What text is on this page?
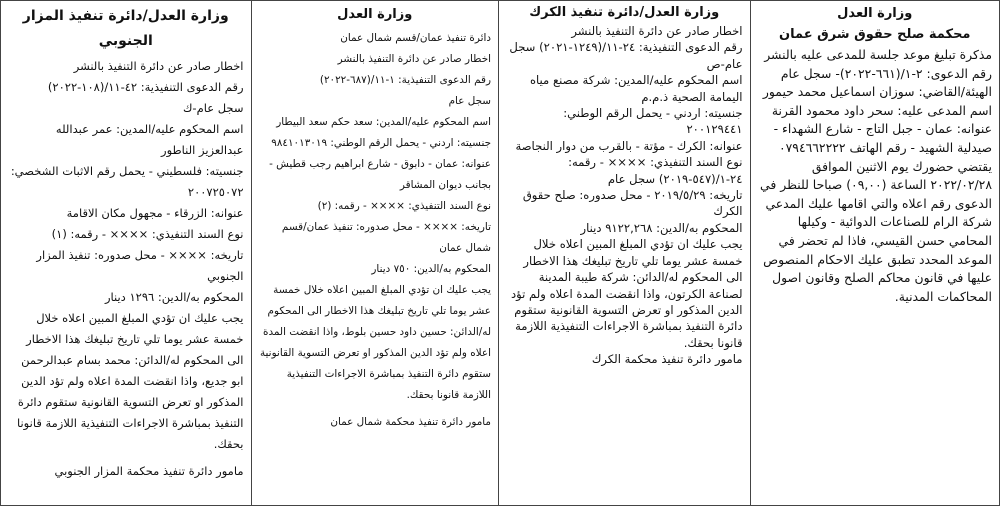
وزارة العدل/دائرة تنفيذ المزار الجنوبي

اخطار صادر عن دائرة التنفيذ بالنشر

رقم الدعوى التنفيذية: ٤٢-١١/(١٠٨-٢٠٢٢)

سجل عام-ك

اسم المحكوم عليه/المدين: عمر عبدالله عبدالعزيز الناطور

جنسيته: فلسطيني - يحمل رقم الاثبات الشخصي: ٢٠٠٧٢٥٠٧٢

عنوانه: الزرقاء - مجهول مكان الاقامة

نوع السند التنفيذي: ×××× - رقمه: (١)

تاريخه: ×××× - محل صدوره: تنفيذ المزار الجنوبي

المحكوم به/الدين: ١٢٩٦ دينار

يجب عليك ان تؤدي المبلغ المبين اعلاه خلال خمسة عشر يوما تلي تاريخ تبليغك هذا الاخطار الى المحكوم له/الدائن: محمد بسام عبدالرحمن ابو جديع، واذا انقضت المدة اعلاه ولم تؤد الدين المذكور او تعرض التسوية القانونية ستقوم دائرة التنفيذ بمباشرة الاجراءات التنفيذية اللازمة قانونا بحقك.

مامور دائرة تنفيذ محكمة المزار الجنوبي

وزارة العدل

دائرة تنفيذ عمان/قسم شمال عمان

اخطار صادر عن دائرة التنفيذ بالنشر

رقم الدعوى التنفيذية: ١-١١/(٦٨٧-٢٠٢٢)

سجل عام

اسم المحكوم عليه/المدين: سعد حكم سعد البيطار

جنسيته: اردني - يحمل الرقم الوطني: ٩٨٤١٠١٣٠١٩

عنوانه: عمان - دابوق - شارع ابراهيم رجب قطيش - بجانب ديوان المشاقر

نوع السند التنفيذي: ×××× - رقمه: (٢)

تاريخه: ×××× - محل صدوره: تنفيذ عمان/قسم شمال عمان

المحكوم به/الدين: ٧٥٠ دينار

يجب عليك ان تؤدي المبلغ المبين اعلاه خلال خمسة عشر يوما تلي تاريخ تبليغك هذا الاخطار الى المحكوم له/الدائن: حسين داود حسين بلوط، واذا انقضت المدة اعلاه ولم تؤد الدين المذكور او تعرض التسوية القانونية ستقوم دائرة التنفيذ بمباشرة الاجراءات التنفيذية اللازمة قانونا بحقك.

مامور دائرة تنفيذ محكمة شمال عمان

وزارة العدل/دائرة تنفيذ الكرك

اخطار صادر عن دائرة التنفيذ بالنشر

رقم الدعوى التنفيذية: ٢٤-١١/(١٢٤٩-٢٠٢١) سجل عام-ص

اسم المحكوم عليه/المدين: شركة مصنع مياه اليمامة الصحية ذ.م.م

جنسيته: اردني - يحمل الرقم الوطني: ٢٠٠١٢٩٤٤١

عنوانه: الكرك - مؤتة - بالقرب من دوار النجاصة

نوع السند التنفيذي: ×××× - رقمه: ٢٤-١/(٥٤٧-٢٠١٩) سجل عام

تاريخه: ٢٠١٩/٥/٢٩ - محل صدوره: صلح حقوق الكرك

المحكوم به/الدين: ٩١٢٢,٢٦٨ دينار

يجب عليك ان تؤدي المبلغ المبين اعلاه خلال خمسة عشر يوما تلي تاريخ تبليغك هذا الاخطار الى المحكوم له/الدائن: شركة طيبة المدينة لصناعة الكرتون، واذا انقضت المدة اعلاه ولم تؤد الدين المذكور او تعرض التسوية القانونية ستقوم دائرة التنفيذ بمباشرة الاجراءات التنفيذية اللازمة قانونا بحقك.

مامور دائرة تنفيذ محكمة الكرك

وزارة العدل
محكمة صلح حقوق شرق عمان

مذكرة تبليغ موعد جلسة للمدعى عليه بالنشر

رقم الدعوى: ٢-١/(٦٦١-٢٠٢٢)- سجل عام

الهيئة/القاضي: سوزان اسماعيل محمد حيمور

اسم المدعى عليه: سحر داود محمود القرنة

عنوانه: عمان - جبل التاج - شارع الشهداء - صيدلية الشهيد - رقم الهاتف ٠٧٩٤٦٦٢٢٢٢

يقتضي حضورك يوم الاثنين الموافق ٢٠٢٢/٠٢/٢٨ الساعة (٠٩,٠٠) صباحا للنظر في الدعوى رقم اعلاه والتي اقامها عليك المدعي شركة الرام للصناعات الدوائية - وكيلها المحامي حسن القيسي، فاذا لم تحضر في الموعد المحدد تطبق عليك الاحكام المنصوص عليها في قانون محاكم الصلح وقانون اصول المحاكمات المدنية.
